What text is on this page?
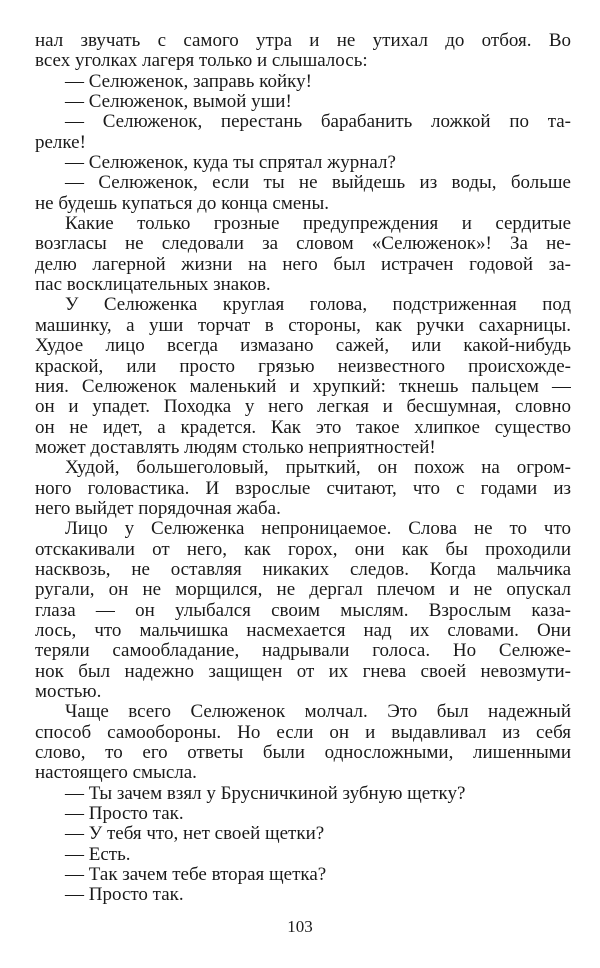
нал звучать с самого утра и не утихал до отбоя. Во
всех уголках лагеря только и слышалось:
— Селюженок, заправь койку!
— Селюженок, вымой уши!
— Селюженок, перестань барабанить ложкой по та-
релке!
— Селюженок, куда ты спрятал журнал?
— Селюженок, если ты не выйдешь из воды, больше
не будешь купаться до конца смены.
Какие только грозные предупреждения и сердитые
возгласы не следовали за словом «Селюженок»! За не-
делю лагерной жизни на него был истрачен годовой за-
пас восклицательных знаков.
У Селюженка круглая голова, подстриженная под
машинку, а уши торчат в стороны, как ручки сахарницы.
Худое лицо всегда измазано сажей, или какой-нибудь
краской, или просто грязью неизвестного происхожде-
ния. Селюженок маленький и хрупкий: ткнешь пальцем —
он и упадет. Походка у него легкая и бесшумная, словно
он не идет, а крадется. Как это такое хлипкое существо
может доставлять людям столько неприятностей!
Худой, большеголовый, прыткий, он похож на огром-
ного головастика. И взрослые считают, что с годами из
него выйдет порядочная жаба.
Лицо у Селюженка непроницаемое. Слова не то что
отскакивали от него, как горох, они как бы проходили
насквозь, не оставляя никаких следов. Когда мальчика
ругали, он не морщился, не дергал плечом и не опускал
глаза — он улыбался своим мыслям. Взрослым каза-
лось, что мальчишка насмехается над их словами. Они
теряли самообладание, надрывали голоса. Но Селюже-
нок был надежно защищен от их гнева своей невозмути-
мостью.
Чаще всего Селюженок молчал. Это был надежный
способ самообороны. Но если он и выдавливал из себя
слово, то его ответы были односложными, лишенными
настоящего смысла.
— Ты зачем взял у Брусничкиной зубную щетку?
— Просто так.
— У тебя что, нет своей щетки?
— Есть.
— Так зачем тебе вторая щетка?
— Просто так.
103
